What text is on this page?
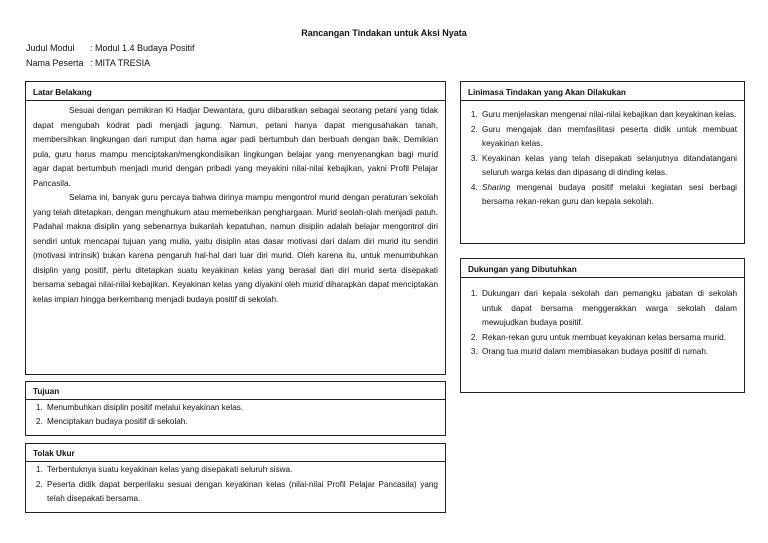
Rancangan Tindakan untuk Aksi Nyata
Judul Modul : Modul 1.4 Budaya Positif
Nama Peserta : MITA TRESIA
Latar Belakang

Sesuai dengan pemikiran Ki Hadjar Dewantara, guru diibaratkan sebagai seorang petani yang tidak dapat mengubah kodrat padi menjadi jagung. Namun, petani hanya dapat mengusahakan tanah, membersihkan lingkungan dari rumput dan hama agar padi bertumbuh dan berbuah dengan baik. Demikian pula, guru harus mampu menciptakan/mengkondisikan lingkungan belajar yang menyenangkan bagi murid agar dapat bertumbuh menjadi murid dengan pribadi yang meyakini nilai-nilai kebajikan, yakni Profil Pelajar Pancasila.

Selama ini, banyak guru percaya bahwa dirinya mampu mengontrol murid dengan peraturan sekolah yang telah ditetapkan, dengan menghukum atau memeberikan penghargaan. Murid seolah-olah menjadi patuh. Padahal makna disiplin yang sebenarnya bukanlah kepatuhan, namun disiplin adalah belajar mengontrol diri sendiri untuk mencapai tujuan yang mulia, yaitu disiplin atas dasar motivasi dari dalam diri murid itu sendiri (motivasi intrinsik) bukan karena pengaruh hal-hal dari luar diri murid. Oleh karena itu, untuk menumbuhkan disiplin yang positif, perlu ditetapkan suatu keyakinan kelas yang berasal dari diri murid serta disepakati bersama sebagai nilai-nilai kebajikan. Keyakinan kelas yang diyakini oleh murid diharapkan dapat menciptakan kelas impian hingga berkembang menjadi budaya positif di sekolah.

Tujuan
1. Menumbuhkan disiplin positif melalui keyakinan kelas.
2. Menciptakan budaya positif di sekolah.
Tolak Ukur
1. Terbentuknya suatu keyakinan kelas yang disepakati seluruh siswa.
2. Peserta didik dapat berperilaku sesuai dengan keyakinan kelas (nilai-nilai Profil Pelajar Pancasila) yang telah disepakati bersama.
Linimasa Tindakan yang Akan Dilakukan
1. Guru menjelaskan mengenai nilai-nilai kebajikan dan keyakinan kelas.
2. Guru mengajak dan memfasilitasi peserta didik untuk membuat keyakinan kelas.
3. Keyakinan kelas yang telah disepakati selanjutnya ditandatangani seluruh warga kelas dan dipasang di dinding kelas.
4. Sharing mengenai budaya positif melalui kegiatan sesi berbagi bersama rekan-rekan guru dan kepala sekolah.
Dukungan yang Dibutuhkan
1. Dukungan dari kepala sekolah dan pemangku jabatan di sekolah untuk dapat bersama menggerakkan warga sekolah dalam mewujudkan budaya positif.
2. Rekan-rekan guru untuk membuat keyakinan kelas bersama murid.
3. Orang tua murid dalam membiasakan budaya positif di rumah.
